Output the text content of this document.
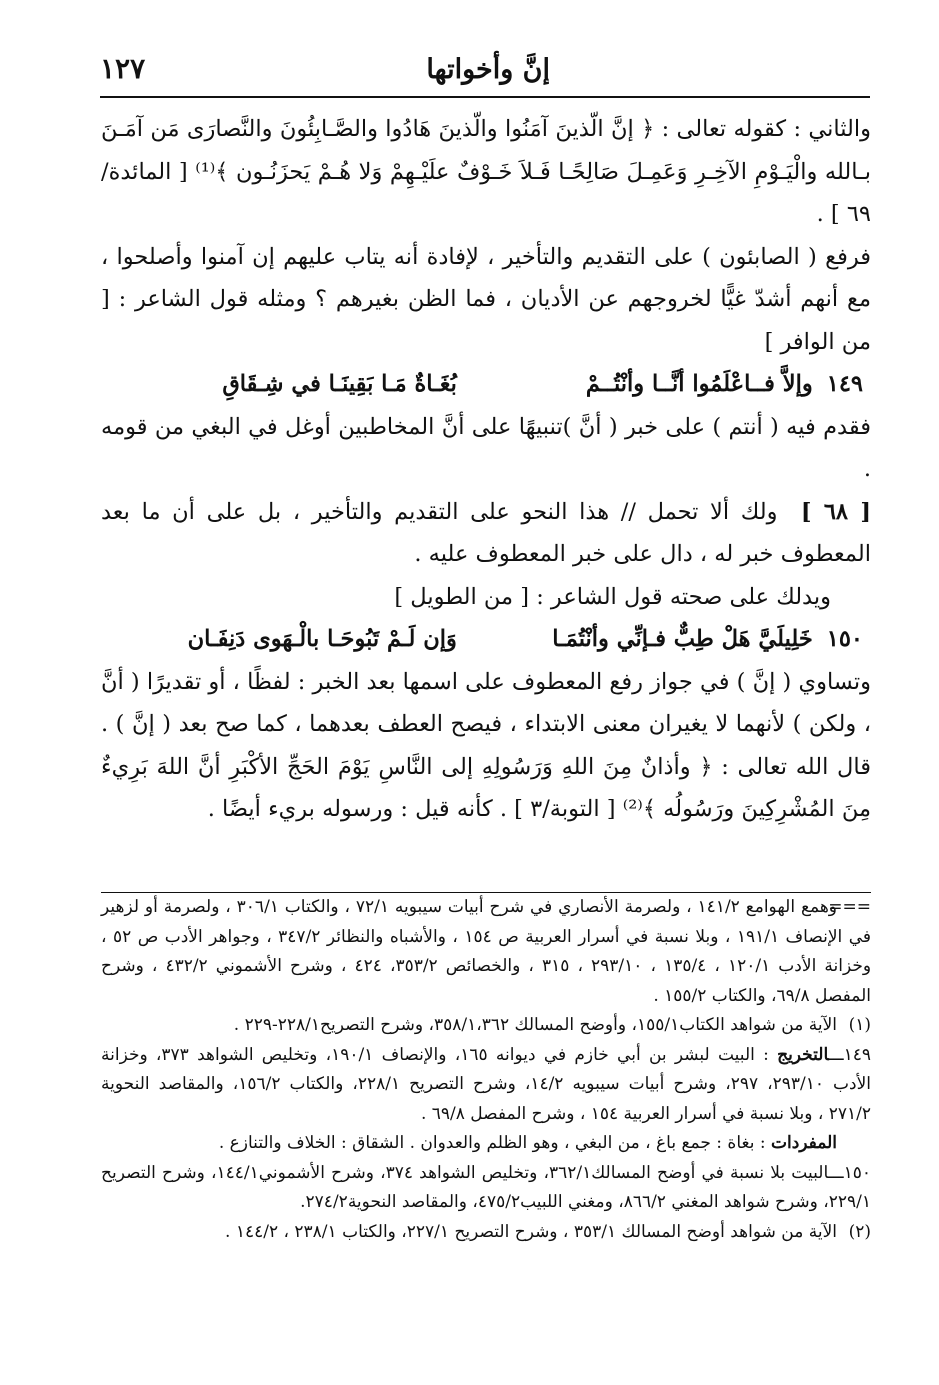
إنَّ وأخواتها
١٢٧

والثاني : كقوله تعالى : ﴿ إنَّ الّذينَ آمَنُوا والّذينَ هَادُوا والصَّـابِئُونَ والنَّصارَى مَن آمَـنَ بـالله والْيَـوْمِ الآخِـرِ وَعَمِـلَ صَالِحًـا فَـلاَ خَـوْفٌ علَيْـهِمْ وَلا هُـمْ يَحزَنُـون ﴾⁽¹⁾ [ المائدة/٦٩ ] .

فرفع ( الصابئون ) على التقديم والتأخير ، لإفادة أنه يتاب عليهم إن آمنوا وأصلحوا ، مع أنهم أشدّ غيًّا لخروجهم عن الأديان ، فما الظن بغيرهم ؟ ومثله قول الشاعر : [ من الوافر ]

١٤٩
وإلاَّ فــاعْلَمُوا أنَّــا وأنْتُــمْ
بُغَـاةٌ مَـا بَقِينَـا في شِـقَاقِ

فقدم فيه ( أنتم ) على خبر ( أنَّ )تنبيهًا على أنَّ المخاطبين أوغل في البغي من قومه .

[ ٦٨ ]  ولك ألا تحمل // هذا النحو على التقديم والتأخير ، بل على أن ما بعد المعطوف خبر له ، دال على خبر المعطوف عليه .

ويدلك على صحته قول الشاعر : [ من الطويل ]

١٥٠
خَلِيلَيَّ هَلْ طِبٌّ فـإنِّي وأنْتُمَـا
وَإن لَـمْ تَبُوحَـا بالْـهَوى دَنِفَـان

وتساوي ( إنَّ ) في جواز رفع المعطوف على اسمها بعد الخبر : لفظًا ، أو تقديرًا ( أنَّ ، ولكن ) لأنهما لا يغيران معنى الابتداء ، فيصح العطف بعدهما ، كما صح بعد ( إنَّ ) . قال الله تعالى : ﴿ وأذانٌ مِنَ اللهِ وَرَسُولِهِ إلى النَّاسِ يَوْمَ الحَجِّ الأكْبَرِ أنَّ اللهَ بَرِيءٌ مِنَ المُشْرِكِينَ ورَسُولُه ﴾⁽²⁾ [ التوبة/٣ ] . كأنه قيل : ورسوله بريء أيضًا .

===وهمع الهوامع ١٤١/٢ ، ولصرمة الأنصاري في شرح أبيات سيبويه ٧٢/١ ، والكتاب ٣٠٦/١ ، ولصرمة أو لزهير في الإنصاف ١٩١/١ ، وبلا نسبة في أسرار العربية ص ١٥٤ ، والأشباه والنظائر ٣٤٧/٢ ، وجواهر الأدب ص ٥٢ ، وخزانة الأدب ١٢٠/١ ، ١٣٥/٤ ، ٢٩٣/١٠ ، ٣١٥ ، والخصائص ٣٥٣/٢، ٤٢٤ ، وشرح الأشموني ٤٣٢/٢ ، وشرح المفصل ٦٩/٨، والكتاب ١٥٥/٢ .

(١)الآية من شواهد الكتاب١٥٥/١، وأوضح المسالك ٣٥٨/١،٣٦٢، وشرح التصريح٢٢٨/١-٢٢٩ .

١٤٩ـــالتخريج : البيت لبشر بن أبي خازم في ديوانه ١٦٥، والإنصاف ١٩٠/١، وتخليص الشواهد ٣٧٣، وخزانة الأدب ٢٩٣/١٠، ٢٩٧، وشرح أبيات سيبويه ١٤/٢، وشرح التصريح ٢٢٨/١، والكتاب ١٥٦/٢، والمقاصد النحوية ٢٧١/٢ ، وبلا نسبة في أسرار العربية ١٥٤ ، وشرح المفصل ٦٩/٨ .

المفردات : بغاة : جمع باغ ، من البغي ، وهو الظلم والعدوان . الشقاق : الخلاف والتنازع .

١٥٠ـــالبيت بلا نسبة في أوضح المسالك٣٦٢/١، وتخليص الشواهد ٣٧٤، وشرح الأشموني١٤٤/١، وشرح التصريح ٢٢٩/١، وشرح شواهد المغني ٨٦٦/٢، ومغني اللبيب٤٧٥/٢، والمقاصد النحوية٢٧٤/٢.

(٢)الآية من شواهد أوضح المسالك ٣٥٣/١ ، وشرح التصريح ٢٢٧/١، والكتاب ٢٣٨/١ ، ١٤٤/٢ .
